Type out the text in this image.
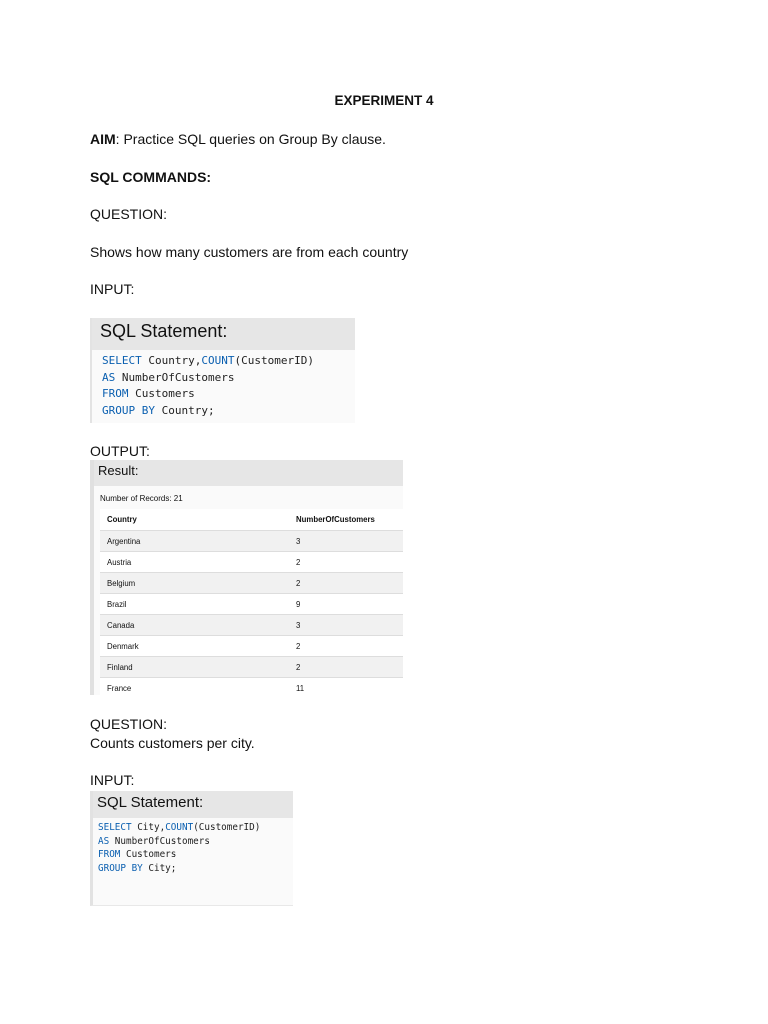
EXPERIMENT 4
AIM: Practice SQL queries on Group By clause.
SQL COMMANDS:
QUESTION:
Shows how many customers are from each country
INPUT:
SQL Statement:
SELECT Country,COUNT(CustomerID)
AS NumberOfCustomers
FROM Customers
GROUP BY Country;
OUTPUT:
Result:
Number of Records: 21
Country	NumberOfCustomers
Argentina	3
Austria	2
Belgium	2
Brazil	9
Canada	3
Denmark	2
Finland	2
France	11
QUESTION:
Counts customers per city.
INPUT:
SQL Statement:
SELECT City,COUNT(CustomerID)
AS NumberOfCustomers
FROM Customers
GROUP BY City;
